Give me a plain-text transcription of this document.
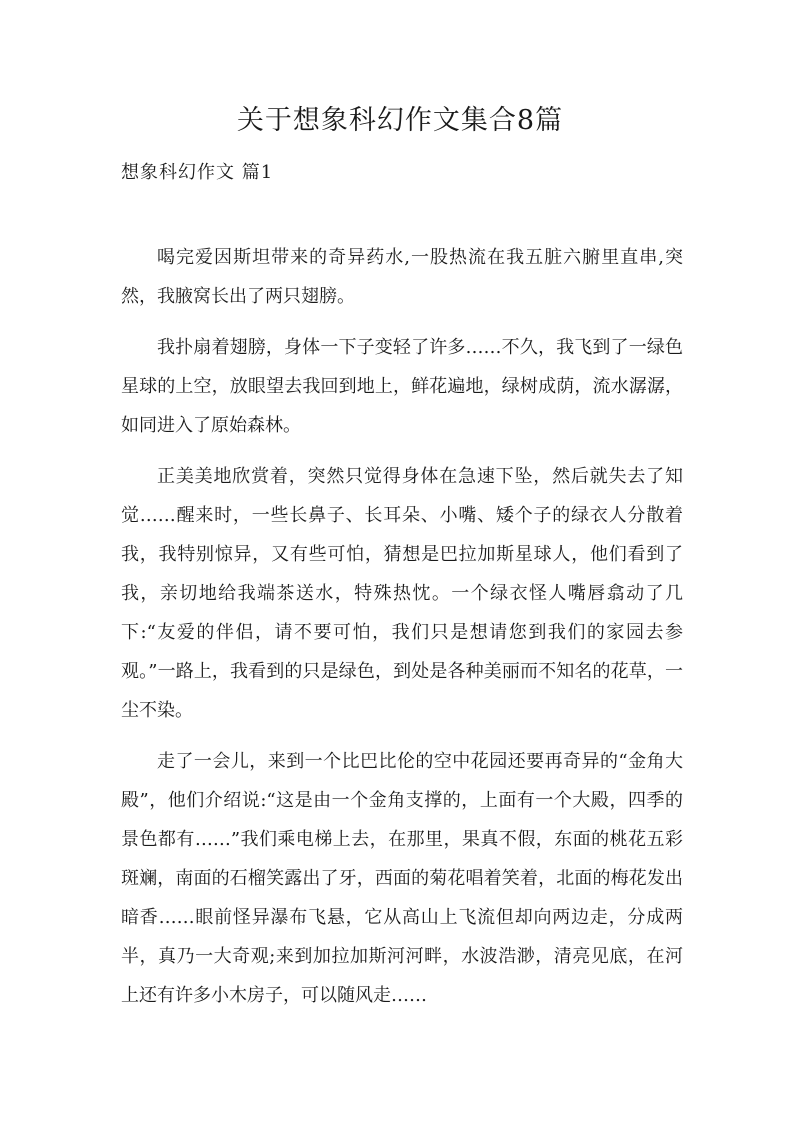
关于想象科幻作文集合8篇
想象科幻作文 篇1

喝完爱因斯坦带来的奇异药水,一股热流在我五脏六腑里直串,突然，我腋窝长出了两只翅膀。

我扑扇着翅膀，身体一下子变轻了许多……不久，我飞到了一绿色星球的上空，放眼望去我回到地上，鲜花遍地，绿树成荫，流水潺潺，如同进入了原始森林。

正美美地欣赏着，突然只觉得身体在急速下坠，然后就失去了知觉……醒来时，一些长鼻子、长耳朵、小嘴、矮个子的绿衣人分散着我，我特别惊异，又有些可怕，猜想是巴拉加斯星球人，他们看到了我，亲切地给我端茶送水，特殊热忱。一个绿衣怪人嘴唇翕动了几下:“友爱的伴侣，请不要可怕，我们只是想请您到我们的家园去参观。”一路上，我看到的只是绿色，到处是各种美丽而不知名的花草，一尘不染。

走了一会儿，来到一个比巴比伦的空中花园还要再奇异的“金角大殿”，他们介绍说:“这是由一个金角支撑的，上面有一个大殿，四季的景色都有……”我们乘电梯上去，在那里，果真不假，东面的桃花五彩斑斓，南面的石榴笑露出了牙，西面的菊花唱着笑着，北面的梅花发出暗香……眼前怪异瀑布飞悬，它从高山上飞流但却向两边走，分成两半，真乃一大奇观;来到加拉加斯河河畔，水波浩渺，清亮见底，在河上还有许多小木房子，可以随风走……
